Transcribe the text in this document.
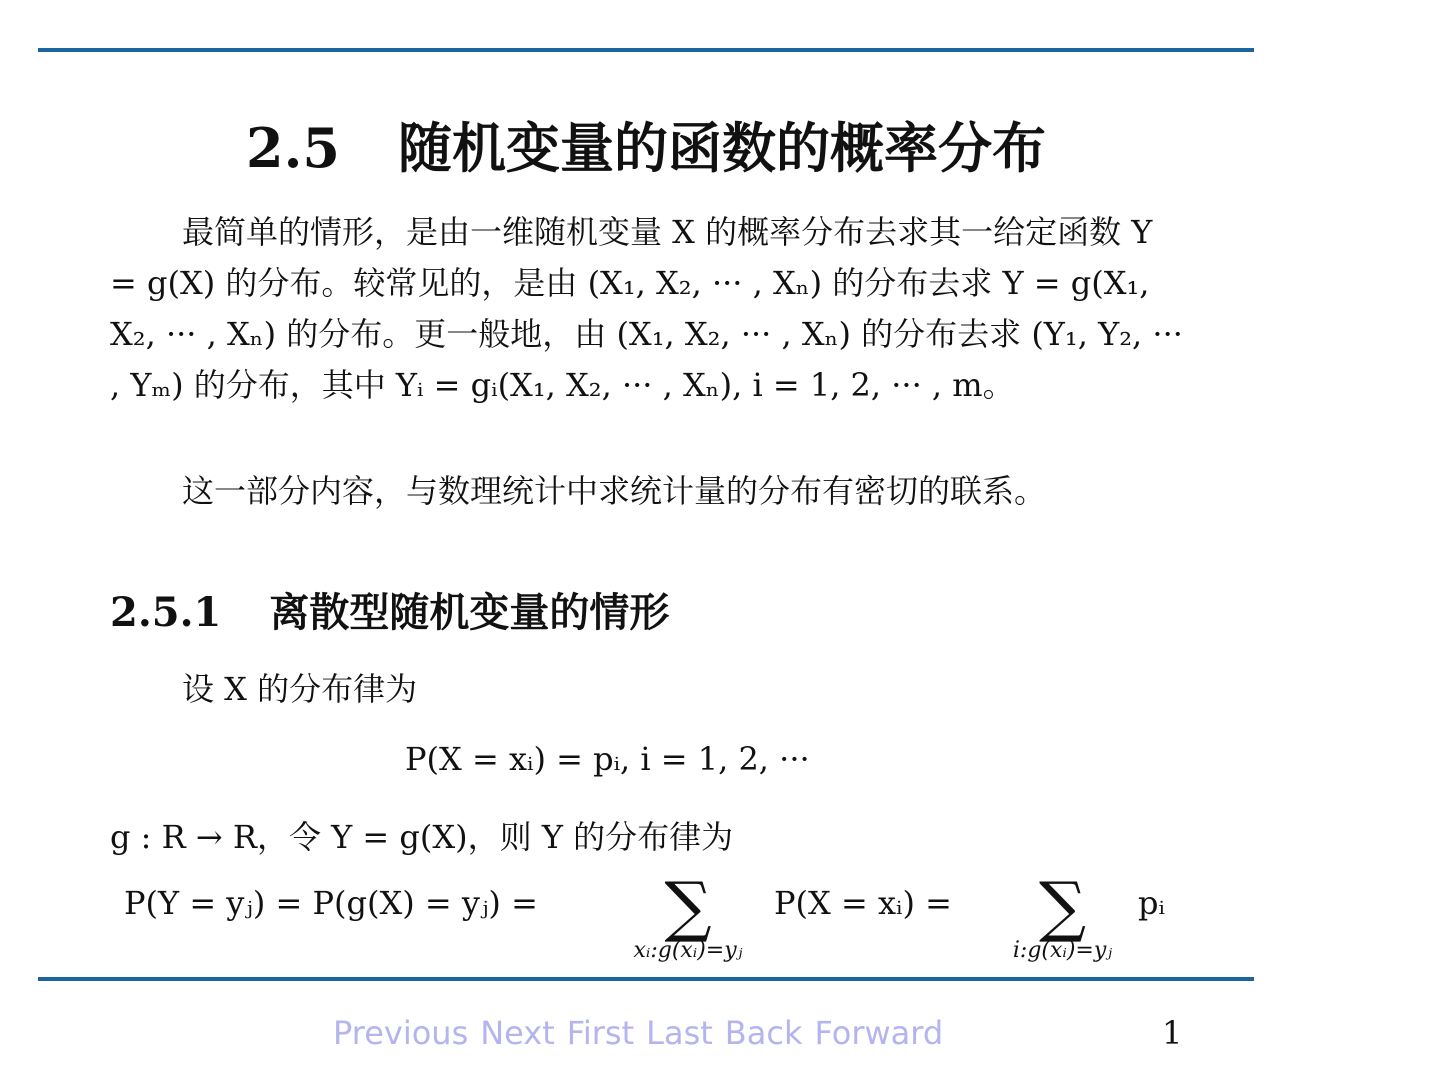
2.5 随机变量的函数的概率分布
最简单的情形，是由一维随机变量 X 的概率分布去求其一给定函数 Y = g(X) 的分布。较常见的，是由 (X₁, X₂, ··· , Xₙ) 的分布去求 Y = g(X₁, X₂, ··· , Xₙ) 的分布。更一般地，由 (X₁, X₂, ··· , Xₙ) 的分布去求 (Y₁, Y₂, ··· , Yₘ) 的分布，其中 Yᵢ = gᵢ(X₁, X₂, ··· , Xₙ), i = 1, 2, ··· , m。
这一部分内容，与数理统计中求统计量的分布有密切的联系。
2.5.1 离散型随机变量的情形
设 X 的分布律为
P(X = xᵢ) = pᵢ, i = 1, 2, ···
g : R → R，令 Y = g(X)，则 Y 的分布律为
P(Y = yⱼ) = P(g(X) = yⱼ) =	∑
xᵢ:g(xᵢ)=yⱼ
P(X = xᵢ) =	∑
i:g(xᵢ)=yⱼ
pᵢ
Previous Next First Last Back Forward	1
